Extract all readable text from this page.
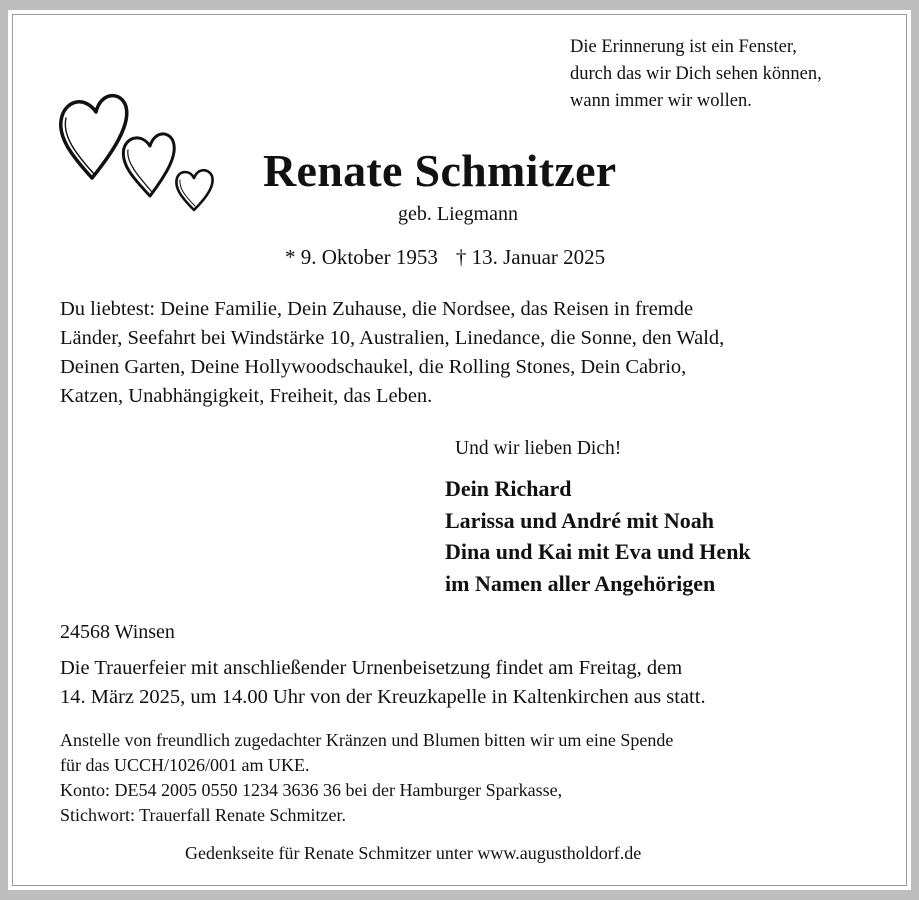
Die Erinnerung ist ein Fenster,
durch das wir Dich sehen können,
wann immer wir wollen.
Renate Schmitzer
geb. Liegmann
* 9. Oktober 1953 † 13. Januar 2025
Du liebtest: Deine Familie, Dein Zuhause, die Nordsee, das Reisen in fremde
Länder, Seefahrt bei Windstärke 10, Australien, Linedance, die Sonne, den Wald,
Deinen Garten, Deine Hollywoodschaukel, die Rolling Stones, Dein Cabrio,
Katzen, Unabhängigkeit, Freiheit, das Leben.
Und wir lieben Dich!
Dein Richard
Larissa und André mit Noah
Dina und Kai mit Eva und Henk
im Namen aller Angehörigen
24568 Winsen
Die Trauerfeier mit anschließender Urnenbeisetzung findet am Freitag, dem
14. März 2025, um 14.00 Uhr von der Kreuzkapelle in Kaltenkirchen aus statt.
Anstelle von freundlich zugedachter Kränzen und Blumen bitten wir um eine Spende
für das UCCH/1026/001 am UKE.
Konto: DE54 2005 0550 1234 3636 36 bei der Hamburger Sparkasse,
Stichwort: Trauerfall Renate Schmitzer.
Gedenkseite für Renate Schmitzer unter www.augustholdorf.de
